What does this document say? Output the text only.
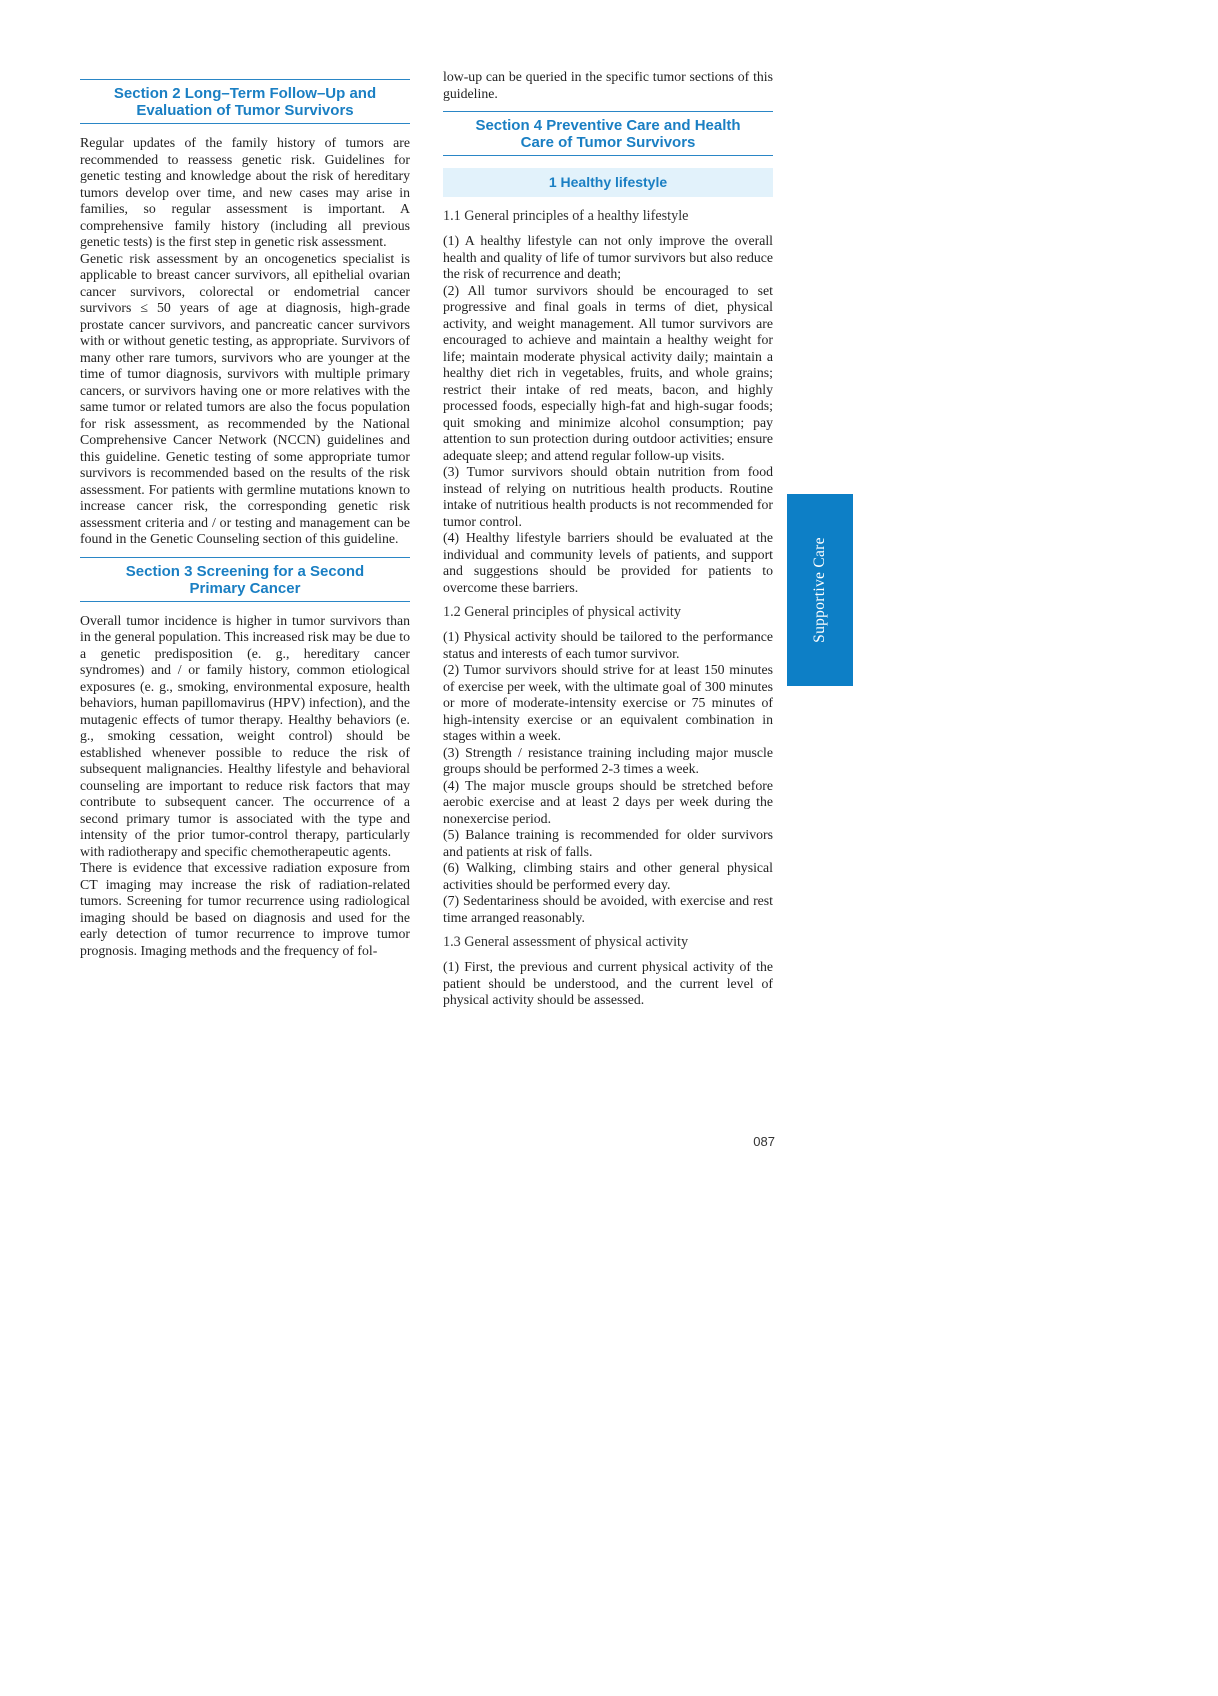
Section 2 Long–Term Follow–Up and
Evaluation of Tumor Survivors

Regular updates of the family history of tumors are recommended to reassess genetic risk. Guidelines for genetic testing and knowledge about the risk of hereditary tumors develop over time, and new cases may arise in families, so regular assessment is important. A comprehensive family history (including all previous genetic tests) is the first step in genetic risk assessment.

Genetic risk assessment by an oncogenetics specialist is applicable to breast cancer survivors, all epithelial ovarian cancer survivors, colorectal or endometrial cancer survivors ≤ 50 years of age at diagnosis, high-grade prostate cancer survivors, and pancreatic cancer survivors with or without genetic testing, as appropriate. Survivors of many other rare tumors, survivors who are younger at the time of tumor diagnosis, survivors with multiple primary cancers, or survivors having one or more relatives with the same tumor or related tumors are also the focus population for risk assessment, as recommended by the National Comprehensive Cancer Network (NCCN) guidelines and this guideline. Genetic testing of some appropriate tumor survivors is recommended based on the results of the risk assessment. For patients with germline mutations known to increase cancer risk, the corresponding genetic risk assessment criteria and / or testing and management can be found in the Genetic Counseling section of this guideline.

Section 3 Screening for a Second
Primary Cancer

Overall tumor incidence is higher in tumor survivors than in the general population. This increased risk may be due to a genetic predisposition (e. g., hereditary cancer syndromes) and / or family history, common etiological exposures (e. g., smoking, environmental exposure, health behaviors, human papillomavirus (HPV) infection), and the mutagenic effects of tumor therapy. Healthy behaviors (e. g., smoking cessation, weight control) should be established whenever possible to reduce the risk of subsequent malignancies. Healthy lifestyle and behavioral counseling are important to reduce risk factors that may contribute to subsequent cancer. The occurrence of a second primary tumor is associated with the type and intensity of the prior tumor-control therapy, particularly with radiotherapy and specific chemotherapeutic agents.

There is evidence that excessive radiation exposure from CT imaging may increase the risk of radiation-related tumors. Screening for tumor recurrence using radiological imaging should be based on diagnosis and used for the early detection of tumor recurrence to improve tumor prognosis. Imaging methods and the frequency of fol-

low-up can be queried in the specific tumor sections of this guideline.

Section 4 Preventive Care and Health
Care of Tumor Survivors
1 Healthy lifestyle
1.1 General principles of a healthy lifestyle

(1) A healthy lifestyle can not only improve the overall health and quality of life of tumor survivors but also reduce the risk of recurrence and death;

(2) All tumor survivors should be encouraged to set progressive and final goals in terms of diet, physical activity, and weight management. All tumor survivors are encouraged to achieve and maintain a healthy weight for life; maintain moderate physical activity daily; maintain a healthy diet rich in vegetables, fruits, and whole grains; restrict their intake of red meats, bacon, and highly processed foods, especially high-fat and high-sugar foods; quit smoking and minimize alcohol consumption; pay attention to sun protection during outdoor activities; ensure adequate sleep; and attend regular follow-up visits.

(3) Tumor survivors should obtain nutrition from food instead of relying on nutritious health products. Routine intake of nutritious health products is not recommended for tumor control.

(4) Healthy lifestyle barriers should be evaluated at the individual and community levels of patients, and support and suggestions should be provided for patients to overcome these barriers.

1.2 General principles of physical activity

(1) Physical activity should be tailored to the performance status and interests of each tumor survivor.

(2) Tumor survivors should strive for at least 150 minutes of exercise per week, with the ultimate goal of 300 minutes or more of moderate-intensity exercise or 75 minutes of high-intensity exercise or an equivalent combination in stages within a week.

(3) Strength / resistance training including major muscle groups should be performed 2-3 times a week.

(4) The major muscle groups should be stretched before aerobic exercise and at least 2 days per week during the nonexercise period.

(5) Balance training is recommended for older survivors and patients at risk of falls.

(6) Walking, climbing stairs and other general physical activities should be performed every day.

(7) Sedentariness should be avoided, with exercise and rest time arranged reasonably.

1.3 General assessment of physical activity

(1) First, the previous and current physical activity of the patient should be understood, and the current level of physical activity should be assessed.

Supportive Care
087
